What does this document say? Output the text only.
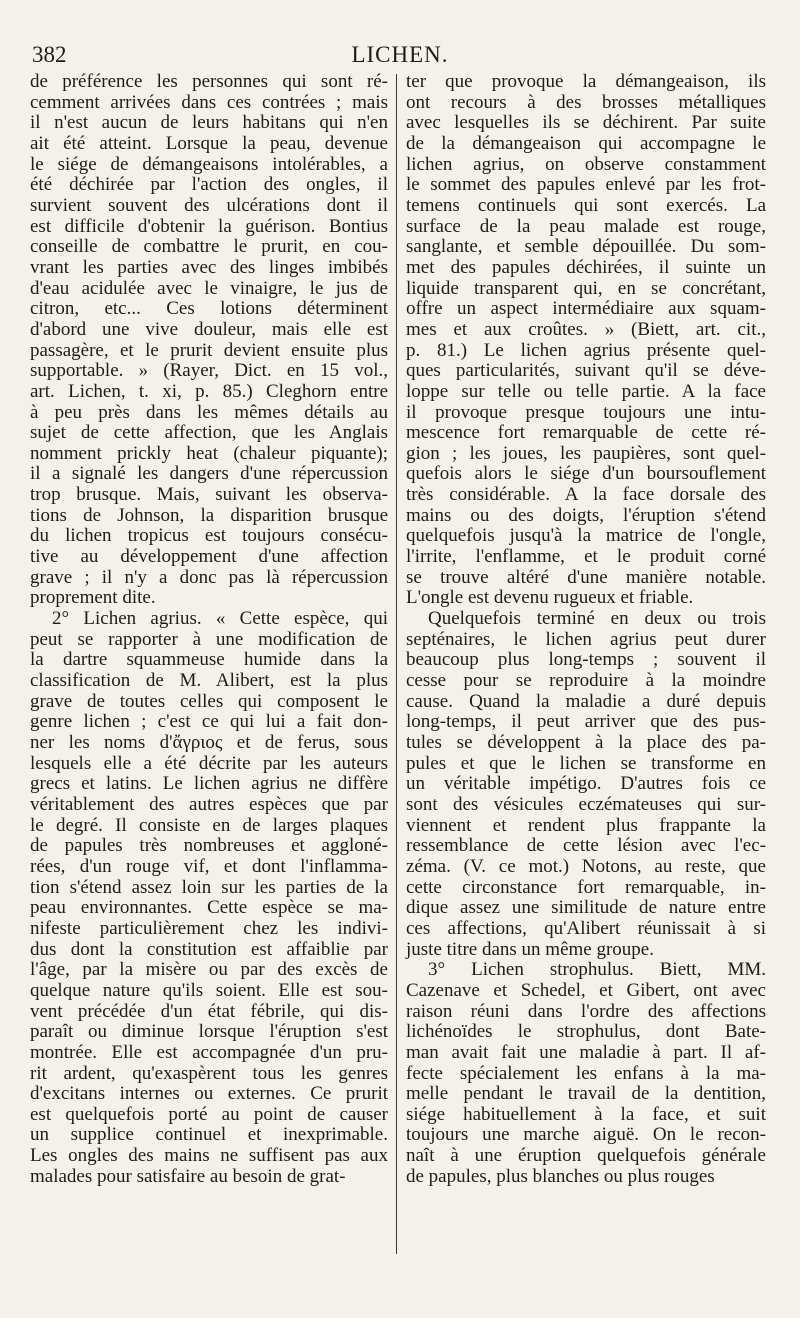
382	LICHEN.
de préférence les personnes qui sont ré-
cemment arrivées dans ces contrées ; mais
il n'est aucun de leurs habitans qui n'en
ait été atteint. Lorsque la peau, devenue
le siége de démangeaisons intolérables, a
été déchirée par l'action des ongles, il
survient souvent des ulcérations dont il
est difficile d'obtenir la guérison. Bontius
conseille de combattre le prurit, en cou-
vrant les parties avec des linges imbibés
d'eau acidulée avec le vinaigre, le jus de
citron, etc... Ces lotions déterminent
d'abord une vive douleur, mais elle est
passagère, et le prurit devient ensuite plus
supportable. » (Rayer, Dict. en 15 vol.,
art. Lichen, t. xi, p. 85.) Cleghorn entre
à peu près dans les mêmes détails au
sujet de cette affection, que les Anglais
nomment prickly heat (chaleur piquante);
il a signalé les dangers d'une répercussion
trop brusque. Mais, suivant les observa-
tions de Johnson, la disparition brusque
du lichen tropicus est toujours consécu-
tive au développement d'une affection
grave ; il n'y a donc pas là répercussion
proprement dite.
2° Lichen agrius. « Cette espèce, qui
peut se rapporter à une modification de
la dartre squammeuse humide dans la
classification de M. Alibert, est la plus
grave de toutes celles qui composent le
genre lichen ; c'est ce qui lui a fait don-
ner les noms d'ἄγριος et de ferus, sous
lesquels elle a été décrite par les auteurs
grecs et latins. Le lichen agrius ne diffère
véritablement des autres espèces que par
le degré. Il consiste en de larges plaques
de papules très nombreuses et aggloné-
rées, d'un rouge vif, et dont l'inflamma-
tion s'étend assez loin sur les parties de la
peau environnantes. Cette espèce se ma-
nifeste particulièrement chez les indivi-
dus dont la constitution est affaiblie par
l'âge, par la misère ou par des excès de
quelque nature qu'ils soient. Elle est sou-
vent précédée d'un état fébrile, qui dis-
paraît ou diminue lorsque l'éruption s'est
montrée. Elle est accompagnée d'un pru-
rit ardent, qu'exaspèrent tous les genres
d'excitans internes ou externes. Ce prurit
est quelquefois porté au point de causer
un supplice continuel et inexprimable.
Les ongles des mains ne suffisent pas aux
malades pour satisfaire au besoin de grat-
ter que provoque la démangeaison, ils
ont recours à des brosses métalliques
avec lesquelles ils se déchirent. Par suite
de la démangeaison qui accompagne le
lichen agrius, on observe constamment
le sommet des papules enlevé par les frot-
temens continuels qui sont exercés. La
surface de la peau malade est rouge,
sanglante, et semble dépouillée. Du som-
met des papules déchirées, il suinte un
liquide transparent qui, en se concrétant,
offre un aspect intermédiaire aux squam-
mes et aux croûtes. » (Biett, art. cit.,
p. 81.) Le lichen agrius présente quel-
ques particularités, suivant qu'il se déve-
loppe sur telle ou telle partie. A la face
il provoque presque toujours une intu-
mescence fort remarquable de cette ré-
gion ; les joues, les paupières, sont quel-
quefois alors le siége d'un boursouflement
très considérable. A la face dorsale des
mains ou des doigts, l'éruption s'étend
quelquefois jusqu'à la matrice de l'ongle,
l'irrite, l'enflamme, et le produit corné
se trouve altéré d'une manière notable.
L'ongle est devenu rugueux et friable.
Quelquefois terminé en deux ou trois
septénaires, le lichen agrius peut durer
beaucoup plus long-temps ; souvent il
cesse pour se reproduire à la moindre
cause. Quand la maladie a duré depuis
long-temps, il peut arriver que des pus-
tules se développent à la place des pa-
pules et que le lichen se transforme en
un véritable impétigo. D'autres fois ce
sont des vésicules eczémateuses qui sur-
viennent et rendent plus frappante la
ressemblance de cette lésion avec l'ec-
zéma. (V. ce mot.) Notons, au reste, que
cette circonstance fort remarquable, in-
dique assez une similitude de nature entre
ces affections, qu'Alibert réunissait à si
juste titre dans un même groupe.
3° Lichen strophulus. Biett, MM.
Cazenave et Schedel, et Gibert, ont avec
raison réuni dans l'ordre des affections
lichénoïdes le strophulus, dont Bate-
man avait fait une maladie à part. Il af-
fecte spécialement les enfans à la ma-
melle pendant le travail de la dentition,
siége habituellement à la face, et suit
toujours une marche aiguë. On le recon-
naît à une éruption quelquefois générale
de papules, plus blanches ou plus rouges
